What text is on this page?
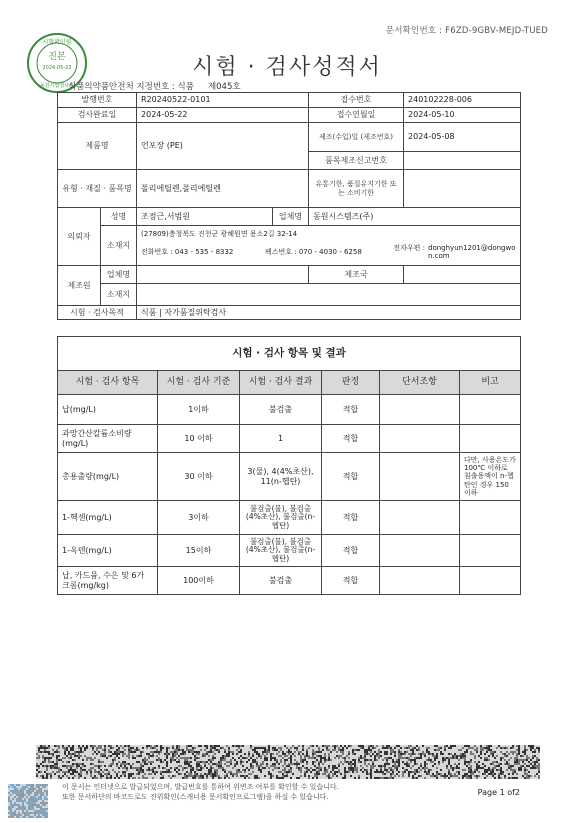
문서확인번호 : F6ZD-9GBV-MEJD-TUED
시험확인필
진본
2024-05-22
동원시험검사팀
시험 · 검사성적서
식품의약품안전처 지정번호 : 식품 제045호
발행번호		R20240522-0101		접수번호	240102228-006
검사완료일		2024-05-22		접수연월일	2024-05-10
제품명		언포장 (PE)		제조(수입)일 (제조번호)	2024-05-08
				품목제조신고번호	
유형 · 재질 · 품목명		폴리에틸렌,폴리에틸렌		유통기한, 품질유지기한 또는 소비기한	
의뢰자	성명	조점근,서범원	업체명	동원시스템즈(주)	
	소재지	(27809)충청북도 진천군 광혜원면 용소2길 32-14
전화번호 : 043 - 535 - 8332 팩스번호 : 070 - 4030 - 6258
전자우편 : donghyun1201@dongwon.com			

제조원	업체명			제조국	
	소재지				
시험 · 검사목적		식품 | 자가품질위탁검사			
시험 · 검사 항목 및 결과					
시험 · 검사 항목	시험 · 검사 기준	시험 · 검사 결과	판정	단서조항	비고
납(mg/L)	1이하	불검출	적합		
과망간산칼륨소비량(mg/L)	10 이하	1	적합		
총용출량(mg/L)	30 이하	3(물), 4(4%초산), 11(n-헵탄)	적합		다만, 사용온도가 100℃ 이하로 침출용액이 n-헵탄인 경우 150 이하
1-헥센(mg/L)	3이하	불검출(물), 불검출(4%초산), 불검출(n-헵탄)	적합		
1-옥텐(mg/L)	15이하	불검출(물), 불검출(4%초산), 불검출(n-헵탄)	적합		
납, 카드뮴, 수은 및 6가 크롬(mg/kg)	100이하	불검출	적합		
이 문서는 인터넷으로 발급되었으며, 발급번호를 통하여 위변조 여부를 확인할 수 있습니다.
또한 문서하단의 바코드로도 진위확인(스캐너용 문서확인프로그램)을 하실 수 있습니다.	Page 1 of2
